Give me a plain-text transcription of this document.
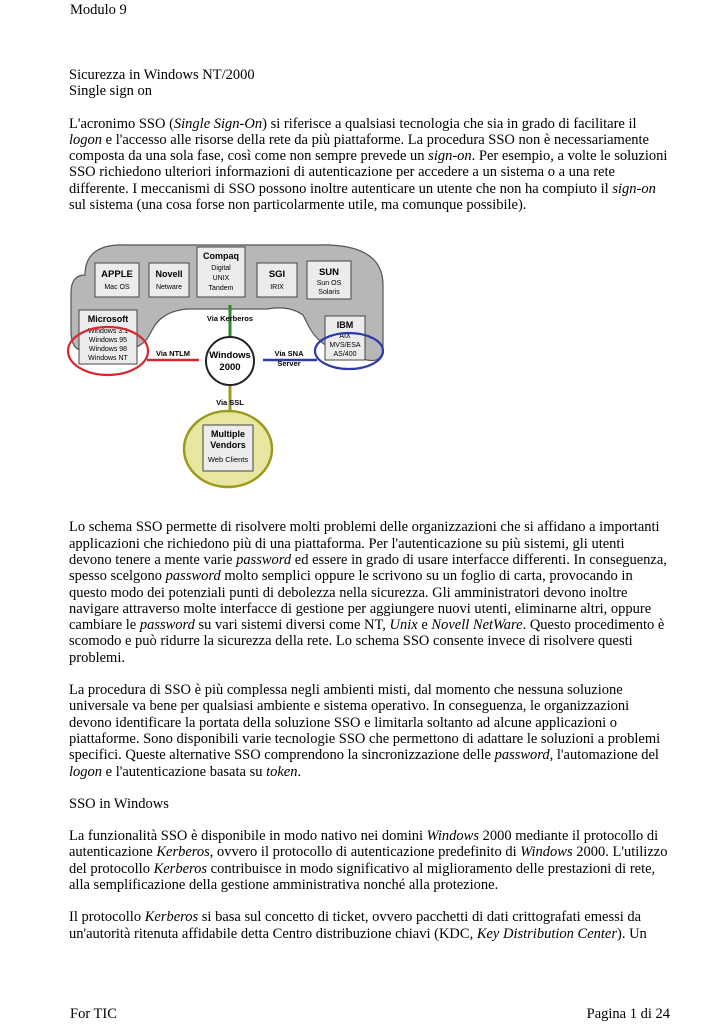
Modulo 9

Sicurezza in Windows NT/2000

Single sign on

L'acronimo SSO (Single Sign-On) si riferisce a qualsiasi tecnologia che sia in grado di facilitare il logon e l'accesso alle risorse della rete da più piattaforme. La procedura SSO non è necessariamente composta da una sola fase, così come non sempre prevede un sign-on. Per esempio, a volte le soluzioni SSO richiedono ulteriori informazioni di autenticazione per accedere a un sistema o a una rete differente. I meccanismi di SSO possono inoltre autenticare un utente che non ha compiuto il sign-on sul sistema (una cosa forse non particolarmente utile, ma comunque possibile).

APPLE
Mac OS
Novell
Netware
Compaq
Digital
UNIX
Tandem
SGI
IRIX
SUN
Sun OS
Solaris
Microsoft
Windows 3.1
Windows 95
Windows 98
Windows NT
IBM
AIX
MVS/ESA
AS/400
Windows
2000
Via Kerberos
Via NTLM	Via SNA
Server
Via SSL
Multiple
Vendors
Web Clients

Lo schema SSO permette di risolvere molti problemi delle organizzazioni che si affidano a importanti applicazioni che richiedono più di una piattaforma. Per l'autenticazione su più sistemi, gli utenti devono tenere a mente varie password ed essere in grado di usare interfacce differenti. In conseguenza, spesso scelgono password molto semplici oppure le scrivono su un foglio di carta, provocando in questo modo dei potenziali punti di debolezza nella sicurezza. Gli amministratori devono inoltre navigare attraverso molte interfacce di gestione per aggiungere nuovi utenti, eliminarne altri, oppure cambiare le password su vari sistemi diversi come NT, Unix e Novell NetWare. Questo procedimento è scomodo e può ridurre la sicurezza della rete. Lo schema SSO consente invece di risolvere questi problemi.

La procedura di SSO è più complessa negli ambienti misti, dal momento che nessuna soluzione universale va bene per qualsiasi ambiente e sistema operativo. In conseguenza, le organizzazioni devono identificare la portata della soluzione SSO e limitarla soltanto ad alcune applicazioni o piattaforme. Sono disponibili varie tecnologie SSO che permettono di adattare le soluzioni a problemi specifici. Queste alternative SSO comprendono la sincronizzazione delle password, l'automazione del logon e l'autenticazione basata su token.

SSO in Windows

La funzionalità SSO è disponibile in modo nativo nei domini Windows 2000 mediante il protocollo di autenticazione Kerberos, ovvero il protocollo di autenticazione predefinito di Windows 2000. L'utilizzo del protocollo Kerberos contribuisce in modo significativo al miglioramento delle prestazioni di rete, alla semplificazione della gestione amministrativa nonché alla protezione.

Il protocollo Kerberos si basa sul concetto di ticket, ovvero pacchetti di dati crittografati emessi da un'autorità ritenuta affidabile detta Centro distribuzione chiavi (KDC, Key Distribution Center). Un

For TIC	Pagina 1 di 24
